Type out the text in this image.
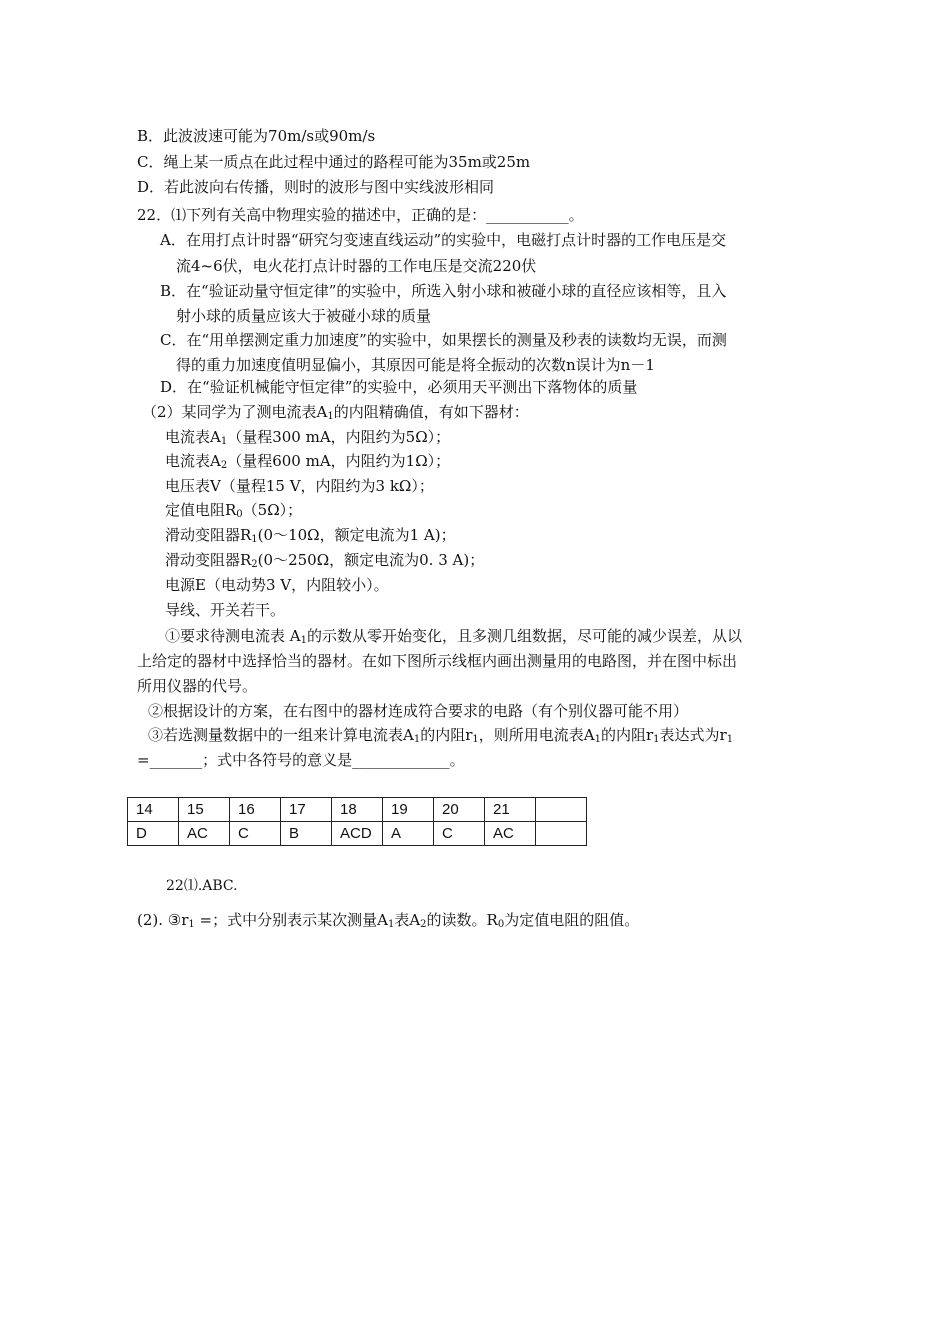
B．此波波速可能为70m/s或90m/s
C．绳上某一质点在此过程中通过的路程可能为35m或25m
D．若此波向右传播，则时的波形与图中实线波形相同
22．⑴下列有关高中物理实验的描述中，正确的是：___________。
A．在用打点计时器“研究匀变速直线运动”的实验中，电磁打点计时器的工作电压是交
流4~6伏，电火花打点计时器的工作电压是交流220伏
B．在“验证动量守恒定律”的实验中，所选入射小球和被碰小球的直径应该相等，且入
射小球的质量应该大于被碰小球的质量
C．在“用单摆测定重力加速度”的实验中，如果摆长的测量及秒表的读数均无误，而测
得的重力加速度值明显偏小，其原因可能是将全振动的次数n误计为n－1
D．在“验证机械能守恒定律”的实验中，必须用天平测出下落物体的质量
（2）某同学为了测电流表$A_1$的内阻精确值，有如下器材：
电流表$A_1$（量程300 mA，内阻约为5Ω）；
电流表$A_2$（量程600 mA，内阻约为1Ω）；
电压表V（量程15 V，内阻约为3 kΩ）；
定值电阻$R_0(5\Omega)$；
滑动变阻器$R_1(0\sim 10\Omega$，额定电流为1 A)；
滑动变阻器$R_2(0\sim 250\Omega$，额定电流为0. 3 A)；
电源E（电动势3 V，内阻较小）。
导线、开关若干。
①要求待测电流表 $A_1$的示数从零开始变化，且多测几组数据，尽可能的减少误差，从以
上给定的器材中选择恰当的器材。在如下图所示线框内画出测量用的电路图，并在图中标出
所用仪器的代号。
②根据设计的方案，在右图中的器材连成符合要求的电路（有个别仪器可能不用）
③若选测量数据中的一组来计算电流表$A_1$的内阻$r_1$，则所用电流表$A_1$的内阻$r_1$表达式为$r_1$
=_______；式中各符号的意义是_____________。
14	15	16	17	18	19	20	21	
D	AC	C	B	ACD	A	C	AC	
22⑴.ABC.
(2). $③r_1$ =；式中分别表示某次测量$A_1$表$A_2$的读数。$R_0$为定值电阻的阻值。
